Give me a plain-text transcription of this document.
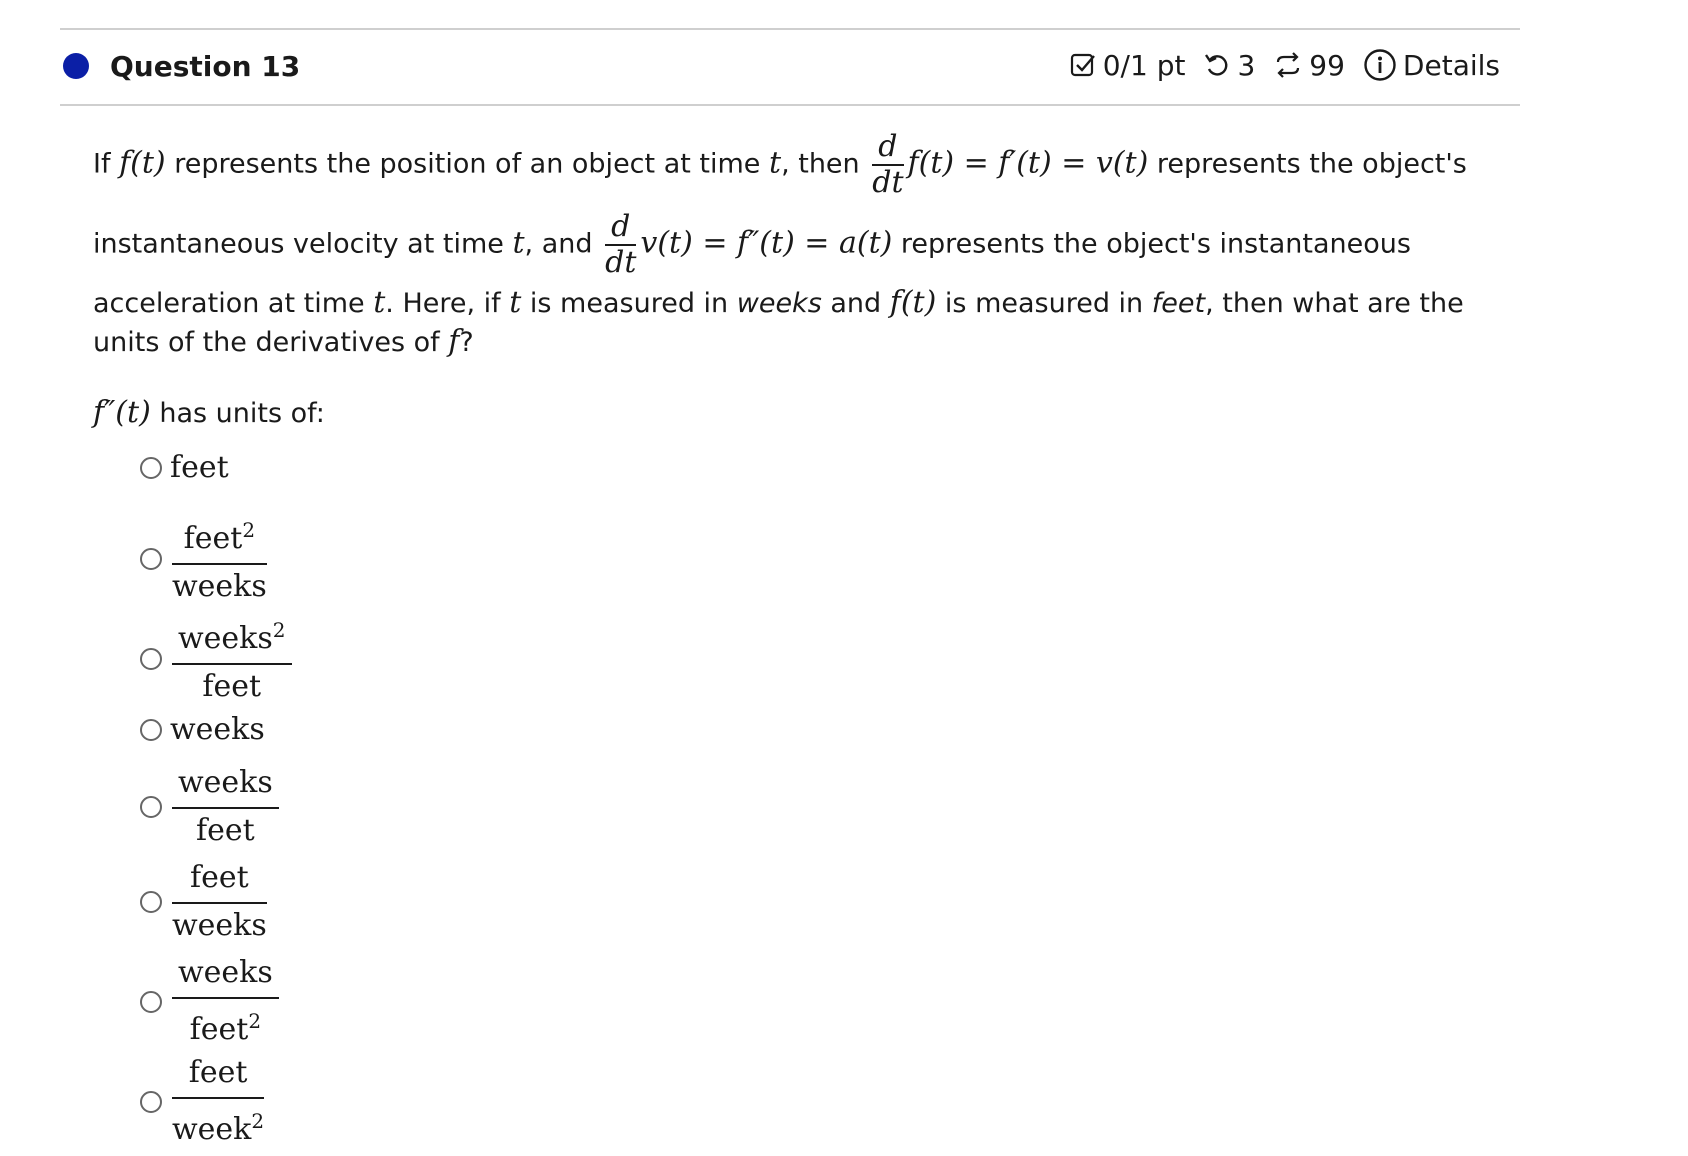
Question 13	0/1 pt 3 99 Details
If f(t) represents the position of an object at time t, then $\frac{d}{dt} f(t) = f'(t) = v(t)$ represents the object's
instantaneous velocity at time t, and $\frac{d}{dt} v(t) = f''(t) = a(t)$ represents the object's instantaneous
acceleration at time t. Here, if t is measured in weeks and f(t) is measured in feet, then what are the
units of the derivatives of f?
f″(t) has units of:
feet
$\frac{feet^2}{\text{weeks}}$
$\frac{weeks^2}{\text{feet}}$
weeks
$\frac{\text{weeks}}{\text{feet}}$
$\frac{\text{feet}}{\text{weeks}}$
$\frac{\text{weeks}}{feet^2}$
$\frac{\text{feet}}{week^2}$
